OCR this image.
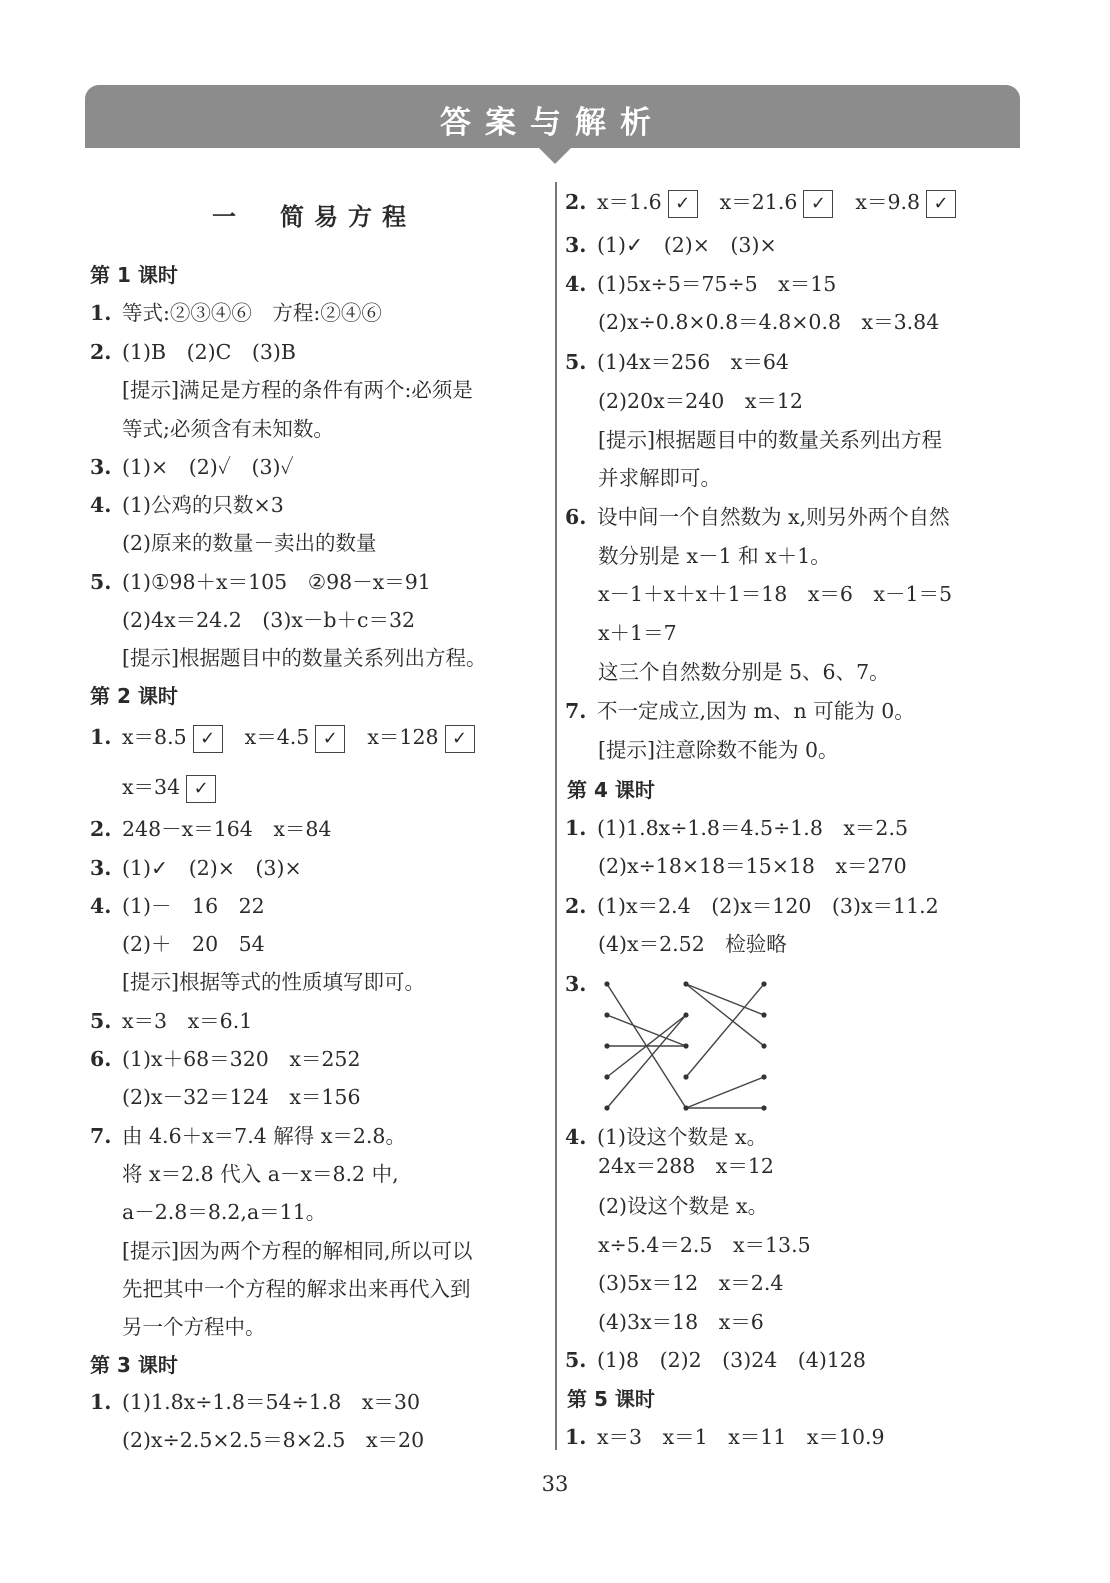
答案与解析
一　简易方程
第 1 课时
1. 等式:②③④⑥　方程:②④⑥
2. (1)B　(2)C　(3)B
[提示]满足是方程的条件有两个:必须是
等式;必须含有未知数。
3. (1)×　(2)✓　(3)✓
4. (1)公鸡的只数×3
(2)原来的数量－卖出的数量
5. (1)①98＋x＝105　②98－x＝91
(2)4x＝24.2　(3)x－b＋c＝32
[提示]根据题目中的数量关系列出方程。
第 2 课时
1. x＝8.5 ✓ x＝4.5 ✓ x＝128 ✓
x＝34 ✓
2. 248－x＝164　x＝84
3. (1)✓　(2)×　(3)×
4. (1)－　16　22
(2)＋　20　54
[提示]根据等式的性质填写即可。
5. x＝3　x＝6.1
6. (1)x＋68＝320　x＝252
(2)x－32＝124　x＝156
7. 由 4.6＋x＝7.4 解得 x＝2.8。
将 x＝2.8 代入 a－x＝8.2 中,
a－2.8＝8.2,a＝11。
[提示]因为两个方程的解相同,所以可以
先把其中一个方程的解求出来再代入到
另一个方程中。
第 3 课时
1. (1)1.8x÷1.8＝54÷1.8　x＝30
(2)x÷2.5×2.5＝8×2.5　x＝20
2. x＝1.6 ✓ x＝21.6 ✓ x＝9.8 ✓
3. (1)✓　(2)×　(3)×
4. (1)5x÷5＝75÷5　x＝15
(2)x÷0.8×0.8＝4.8×0.8　x＝3.84
5. (1)4x＝256　x＝64
(2)20x＝240　x＝12
[提示]根据题目中的数量关系列出方程
并求解即可。
6. 设中间一个自然数为 x,则另外两个自然
数分别是 x－1 和 x＋1。
x－1＋x＋x＋1＝18　x＝6　x－1＝5
x＋1＝7
这三个自然数分别是 5、6、7。
7. 不一定成立,因为 m、n 可能为 0。
[提示]注意除数不能为 0。
第 4 课时
1. (1)1.8x÷1.8＝4.5÷1.8　x＝2.5
(2)x÷18×18＝15×18　x＝270
2. (1)x＝2.4　(2)x＝120　(3)x＝11.2
(4)x＝2.52　检验略
3.
4. (1)设这个数是 x。
24x＝288　x＝12
(2)设这个数是 x。
x÷5.4＝2.5　x＝13.5
(3)5x＝12　x＝2.4
(4)3x＝18　x＝6
5. (1)8　(2)2　(3)24　(4)128
第 5 课时
1. x＝3　x＝1　x＝11　x＝10.9
33
